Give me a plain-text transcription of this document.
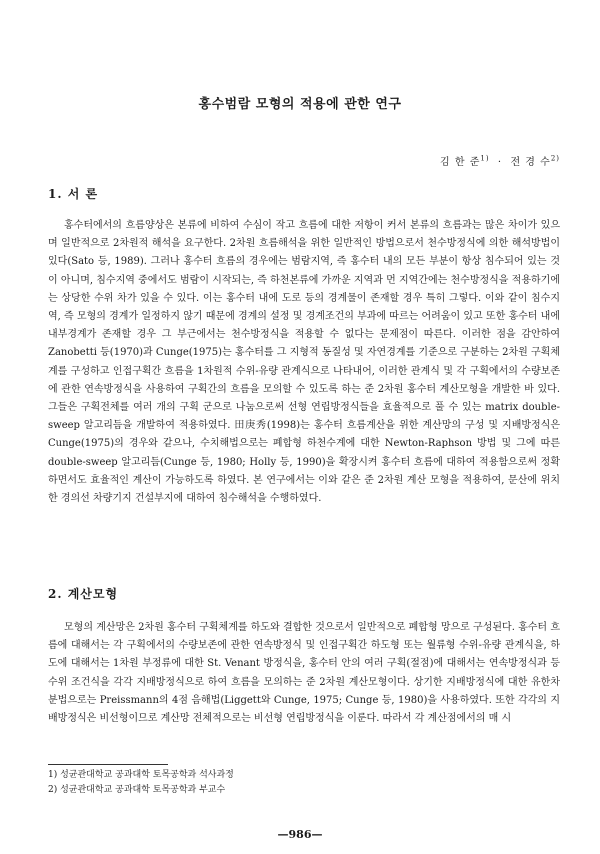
홍수범람 모형의 적용에 관한 연구
김 한 준$^{1)}$ · 전 경 수$^{2)}$
1. 서 론

홍수터에서의 흐름양상은 본류에 비하여 수심이 작고 흐름에 대한 저항이 커서 본류의 흐름과는 많은 차이가 있으며 일반적으로 2차원적 해석을 요구한다. 2차원 흐름해석을 위한 일반적인 방법으로서 천수방정식에 의한 해석방법이 있다(Sato 등, 1989). 그러나 홍수터 흐름의 경우에는 범람지역, 즉 홍수터 내의 모든 부분이 항상 침수되어 있는 것이 아니며, 침수지역 중에서도 범람이 시작되는, 즉 하천본류에 가까운 지역과 먼 지역간에는 천수방정식을 적용하기에는 상당한 수위 차가 있을 수 있다. 이는 홍수터 내에 도로 등의 경계물이 존재할 경우 특히 그렇다. 이와 같이 침수지역, 즉 모형의 경계가 일정하지 않기 때문에 경계의 설정 및 경계조건의 부과에 따르는 어려움이 있고 또한 홍수터 내에 내부경계가 존재할 경우 그 부근에서는 천수방정식을 적용할 수 없다는 문제점이 따른다. 이러한 점을 감안하여 Zanobetti 등(1970)과 Cunge(1975)는 홍수터를 그 지형적 동질성 및 자연경계를 기준으로 구분하는 2차원 구획체계를 구성하고 인접구획간 흐름을 1차원적 수위-유량 관계식으로 나타내어, 이러한 관계식 및 각 구획에서의 수량보존에 관한 연속방정식을 사용하여 구획간의 흐름을 모의할 수 있도록 하는 준 2차원 홍수터 계산모형을 개발한 바 있다. 그들은 구획전체를 여러 개의 구획 군으로 나눔으로써 선형 연립방정식들을 효율적으로 풀 수 있는 matrix double-sweep 알고리듬을 개발하여 적용하였다. 田庚秀(1998)는 홍수터 흐름계산을 위한 계산망의 구성 및 지배방정식은 Cunge(1975)의 경우와 같으나, 수치해법으로는 폐합형 하천수계에 대한 Newton-Raphson 방법 및 그에 따른 double-sweep 알고리듬(Cunge 등, 1980; Holly 등, 1990)을 확장시켜 홍수터 흐름에 대하여 적용함으로써 정확하면서도 효율적인 계산이 가능하도록 하였다. 본 연구에서는 이와 같은 준 2차원 계산 모형을 적용하여, 문산에 위치한 경의선 차량기지 건설부지에 대하여 침수해석을 수행하였다.

2. 계산모형

모형의 계산망은 2차원 홍수터 구획체계를 하도와 결합한 것으로서 일반적으로 폐합형 망으로 구성된다. 홍수터 흐름에 대해서는 각 구획에서의 수량보존에 관한 연속방정식 및 인접구획간 하도형 또는 월류형 수위-유량 관계식을, 하도에 대해서는 1차원 부정류에 대한 St. Venant 방정식을, 홍수터 안의 여러 구획(절점)에 대해서는 연속방정식과 등수위 조건식을 각각 지배방정식으로 하여 흐름을 모의하는 준 2차원 계산모형이다. 상기한 지배방정식에 대한 유한차분법으로는 Preissmann의 4점 음해법(Liggett와 Cunge, 1975; Cunge 등, 1980)을 사용하였다. 또한 각각의 지배방정식은 비선형이므로 계산망 전체적으로는 비선형 연립방정식을 이룬다. 따라서 각 계산점에서의 매 시

1) 성균관대학교 공과대학 토목공학과 석사과정
2) 성균관대학교 공과대학 토목공학과 부교수
—986—
